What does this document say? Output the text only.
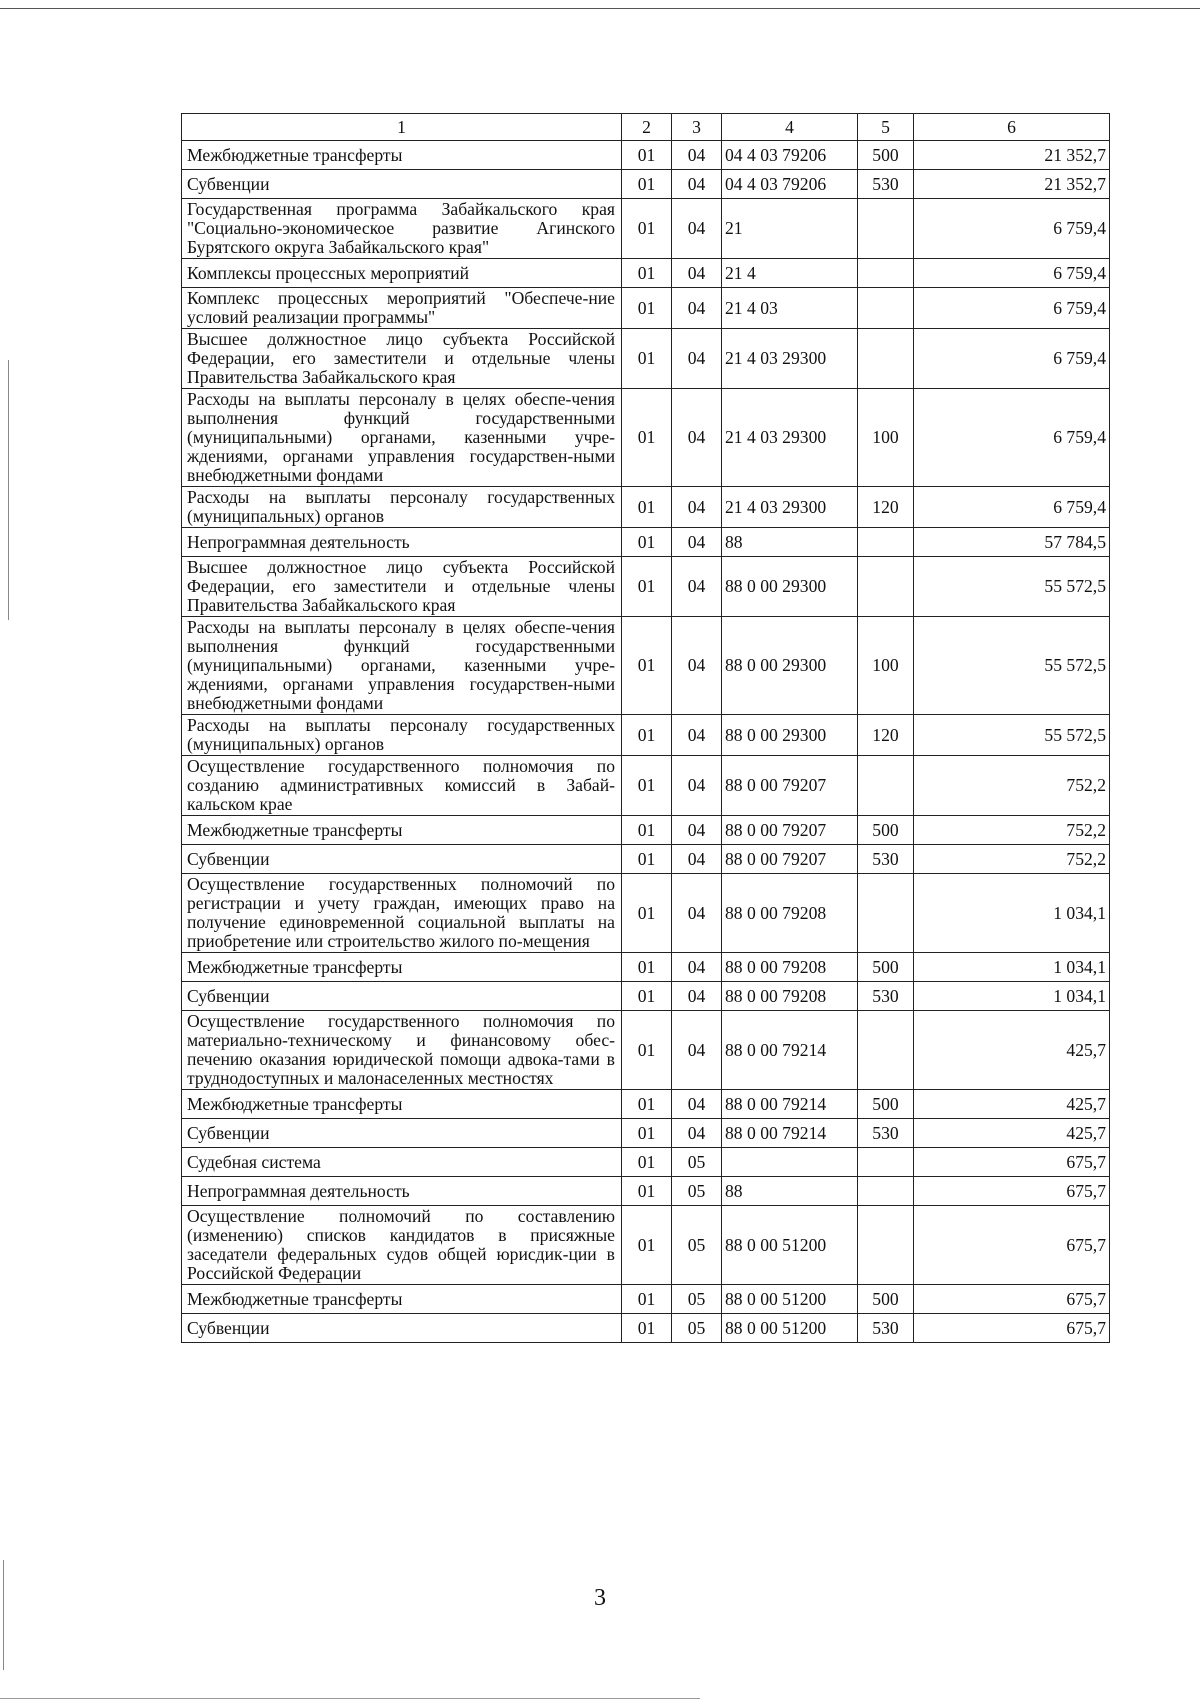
1	2	3	4	5	6
Межбюджетные трансферты	01	04	04 4 03 79206	500	21 352,7
Субвенции	01	04	04 4 03 79206	530	21 352,7
Государственная программа Забайкальского края "Социально-экономическое развитие Агинского Бурятского округа Забайкальского края"	01	04	21		6 759,4
Комплексы процессных мероприятий	01	04	21 4		6 759,4
Комплекс процессных мероприятий "Обеспече-ние условий реализации программы"	01	04	21 4 03		6 759,4
Высшее должностное лицо субъекта Российской Федерации, его заместители и отдельные члены Правительства Забайкальского края	01	04	21 4 03 29300		6 759,4
Расходы на выплаты персоналу в целях обеспе-чения выполнения функций государственными (муниципальными) органами, казенными учре-ждениями, органами управления государствен-ными внебюджетными фондами	01	04	21 4 03 29300	100	6 759,4
Расходы на выплаты персоналу государственных (муниципальных) органов	01	04	21 4 03 29300	120	6 759,4
Непрограммная деятельность	01	04	88		57 784,5
Высшее должностное лицо субъекта Российской Федерации, его заместители и отдельные члены Правительства Забайкальского края	01	04	88 0 00 29300		55 572,5
Расходы на выплаты персоналу в целях обеспе-чения выполнения функций государственными (муниципальными) органами, казенными учре-ждениями, органами управления государствен-ными внебюджетными фондами	01	04	88 0 00 29300	100	55 572,5
Расходы на выплаты персоналу государственных (муниципальных) органов	01	04	88 0 00 29300	120	55 572,5
Осуществление государственного полномочия по созданию административных комиссий в Забай-кальском крае	01	04	88 0 00 79207		752,2
Межбюджетные трансферты	01	04	88 0 00 79207	500	752,2
Субвенции	01	04	88 0 00 79207	530	752,2
Осуществление государственных полномочий по регистрации и учету граждан, имеющих право на получение единовременной социальной выплаты на приобретение или строительство жилого по-мещения	01	04	88 0 00 79208		1 034,1
Межбюджетные трансферты	01	04	88 0 00 79208	500	1 034,1
Субвенции	01	04	88 0 00 79208	530	1 034,1
Осуществление государственного полномочия по материально-техническому и финансовому обес-печению оказания юридической помощи адвока-тами в труднодоступных и малонаселенных местностях	01	04	88 0 00 79214		425,7
Межбюджетные трансферты	01	04	88 0 00 79214	500	425,7
Субвенции	01	04	88 0 00 79214	530	425,7
Судебная система	01	05			675,7
Непрограммная деятельность	01	05	88		675,7
Осуществление полномочий по составлению (изменению) списков кандидатов в присяжные заседатели федеральных судов общей юрисдик-ции в Российской Федерации	01	05	88 0 00 51200		675,7
Межбюджетные трансферты	01	05	88 0 00 51200	500	675,7
Субвенции	01	05	88 0 00 51200	530	675,7
3
